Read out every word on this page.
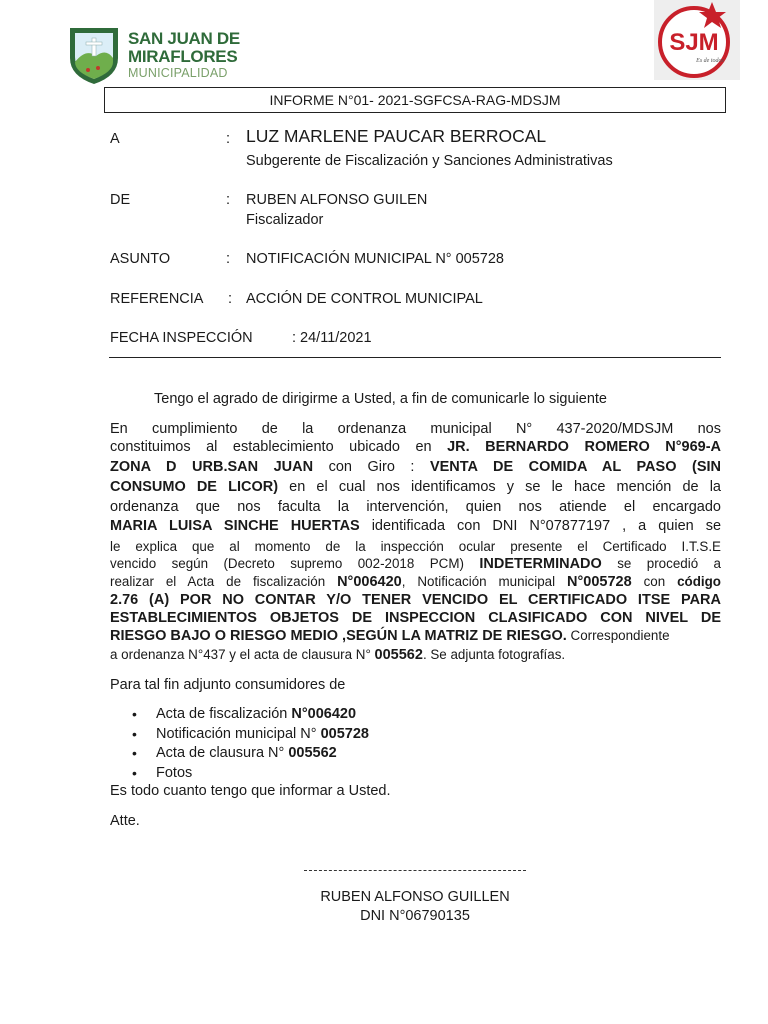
SAN JUAN DE
MIRAFLORES
MUNICIPALIDAD
SJM
Es de todos
INFORME N°01- 2021-SGFCSA-RAG-MDSJM
A	: LUZ MARLENE PAUCAR BERROCAL
Subgerente de Fiscalización y Sanciones Administrativas
DE	: RUBEN ALFONSO GUILEN
Fiscalizador
ASUNTO	: NOTIFICACIÓN MUNICIPAL N° 005728
REFERENCIA : ACCIÓN DE CONTROL MUNICIPAL
FECHA INSPECCIÓN	: 24/11/2021
Tengo el agrado de dirigirme a Usted, a fin de comunicarle lo siguiente
En cumplimiento de la ordenanza municipal N° 437-2020/MDSJM nos
constituimos al establecimiento ubicado en JR. BERNARDO ROMERO N°969-A
ZONA D URB.SAN JUAN con Giro : VENTA DE COMIDA AL PASO (SIN
CONSUMO DE LICOR) en el cual nos identificamos y se le hace mención de la
ordenanza que nos faculta la intervención, quien nos atiende el encargado
MARIA LUISA SINCHE HUERTAS identificada con DNI N°07877197 , a quien se
le explica que al momento de la inspección ocular presente el Certificado I.T.S.E
vencido según (Decreto supremo 002-2018 PCM) INDETERMINADO se procedió a
realizar el Acta de fiscalización N°006420, Notificación municipal N°005728 con código
2.76 (A) POR NO CONTAR Y/O TENER VENCIDO EL CERTIFICADO ITSE PARA
ESTABLECIMIENTOS OBJETOS DE INSPECCION CLASIFICADO CON NIVEL DE
RIESGO BAJO O RIESGO MEDIO ,SEGÚN LA MATRIZ DE RIESGO. Correspondiente
a ordenanza N°437 y el acta de clausura N° 005562. Se adjunta fotografías.
Para tal fin adjunto consumidores de
• Acta de fiscalización N°006420
• Notificación municipal N° 005728
• Acta de clausura N° 005562
• Fotos
Es todo cuanto tengo que informar a Usted.
Atte.
RUBEN ALFONSO GUILLEN
DNI N°06790135
